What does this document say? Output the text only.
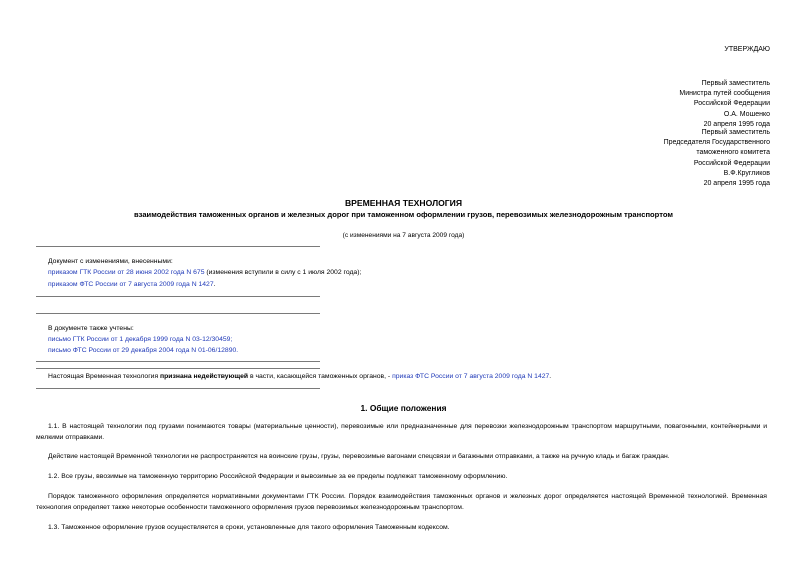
УТВЕРЖДАЮ
Первый заместитель
Министра путей сообщения
Российской Федерации
О.А. Мошенко
20 апреля 1995 года
Первый заместитель
Председателя Государственного
таможенного комитета
Российской Федерации
В.Ф.Кругликов
20 апреля 1995 года
ВРЕМЕННАЯ ТЕХНОЛОГИЯ
взаимодействия таможенных органов и железных дорог при таможенном оформлении грузов, перевозимых железнодорожным транспортом
(с изменениями на 7 августа 2009 года)
Документ с изменениями, внесенными:
приказом ГТК России от 28 июня 2002 года N 675 (изменения вступили в силу с 1 июля 2002 года);
приказом ФТС России от 7 августа 2009 года N 1427.
В документе также учтены:
письмо ГТК России от 1 декабря 1999 года N 03-12/30459;
письмо ФТС России от 29 декабря 2004 года N 01-06/12890.
Настоящая Временная технология признана недействующей в части, касающейся таможенных органов, - приказ ФТС России от 7 августа 2009 года N 1427.
1. Общие положения
1.1. В настоящей технологии под грузами понимаются товары (материальные ценности), перевозимые или предназначенные для перевозки железнодорожным транспортом маршрутными, повагонными, контейнерными и мелкими отправками.
Действие настоящей Временной технологии не распространяется на воинские грузы, грузы, перевозимые вагонами спецсвязи и багажными отправками, а также на ручную кладь и багаж граждан.
1.2. Все грузы, ввозимые на таможенную территорию Российской Федерации и вывозимые за ее пределы подлежат таможенному оформлению.
Порядок таможенного оформления определяется нормативными документами ГТК России. Порядок взаимодействия таможенных органов и железных дорог определяется настоящей Временной технологией. Временная технология определяет также некоторые особенности таможенного оформления грузов перевозимых железнодорожным транспортом.
1.3. Таможенное оформление грузов осуществляется в сроки, установленные для такого оформления Таможенным кодексом.
